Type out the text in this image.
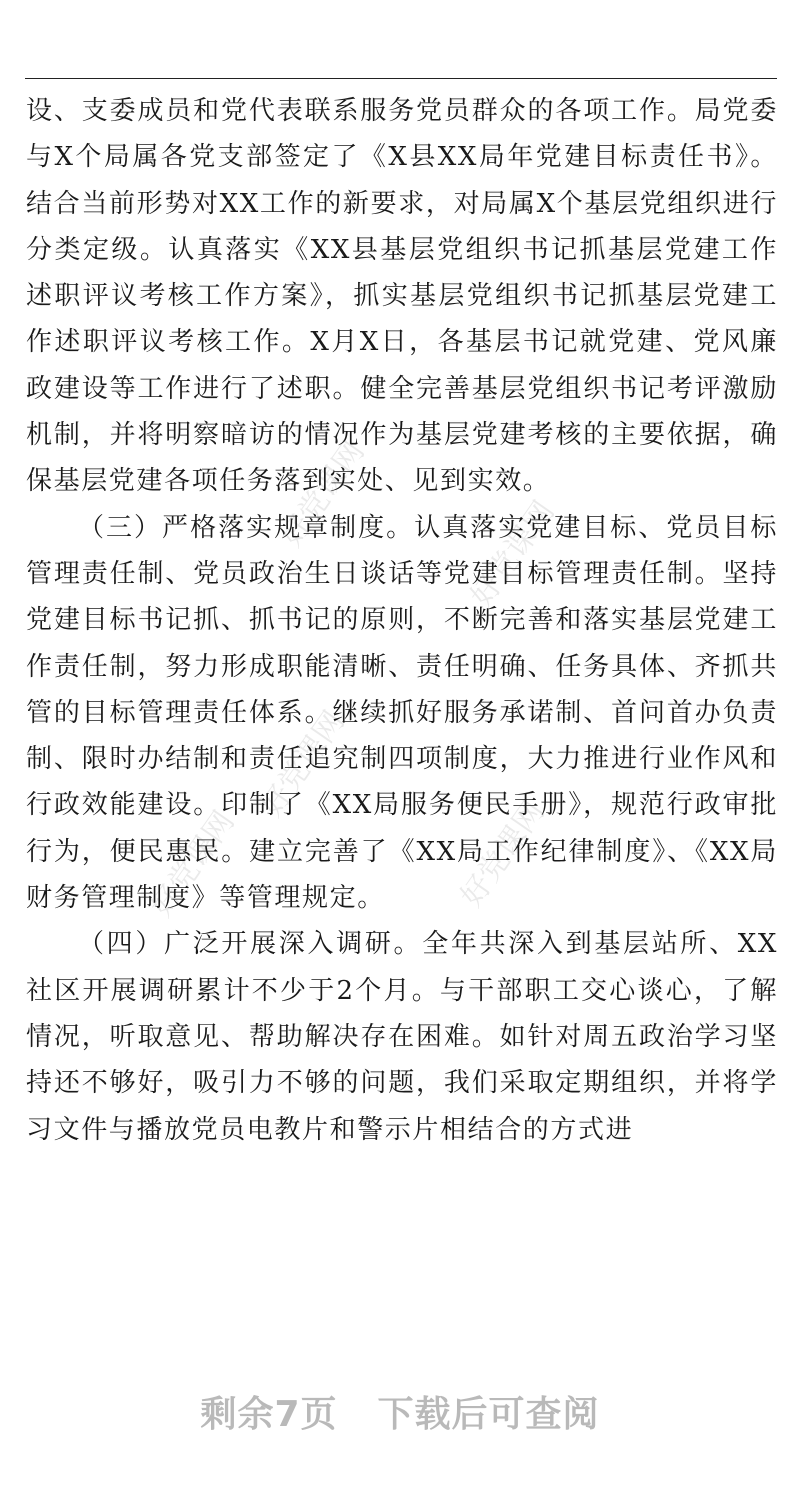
好党课网
好党课网
好党课网
好党课网	好党课网

设、支委成员和党代表联系服务党员群众的各项工作。局党委与X个局属各党支部签定了《X县XX局年党建目标责任书》。结合当前形势对XX工作的新要求，对局属X个基层党组织进行分类定级。认真落实《XX县基层党组织书记抓基层党建工作述职评议考核工作方案》，抓实基层党组织书记抓基层党建工作述职评议考核工作。X月X日，各基层书记就党建、党风廉政建设等工作进行了述职。健全完善基层党组织书记考评激励机制，并将明察暗访的情况作为基层党建考核的主要依据，确保基层党建各项任务落到实处、见到实效。

（三）严格落实规章制度。认真落实党建目标、党员目标管理责任制、党员政治生日谈话等党建目标管理责任制。坚持党建目标书记抓、抓书记的原则，不断完善和落实基层党建工作责任制，努力形成职能清晰、责任明确、任务具体、齐抓共管的目标管理责任体系。继续抓好服务承诺制、首问首办负责制、限时办结制和责任追究制四项制度，大力推进行业作风和行政效能建设。印制了《XX局服务便民手册》，规范行政审批行为，便民惠民。建立完善了《XX局工作纪律制度》、《XX局财务管理制度》等管理规定。

（四）广泛开展深入调研。全年共深入到基层站所、XX社区开展调研累计不少于2个月。与干部职工交心谈心，了解情况，听取意见、帮助解决存在困难。如针对周五政治学习坚持还不够好，吸引力不够的问题，我们采取定期组织，并将学习文件与播放党员电教片和警示片相结合的方式进

剩余7页 下载后可查阅
